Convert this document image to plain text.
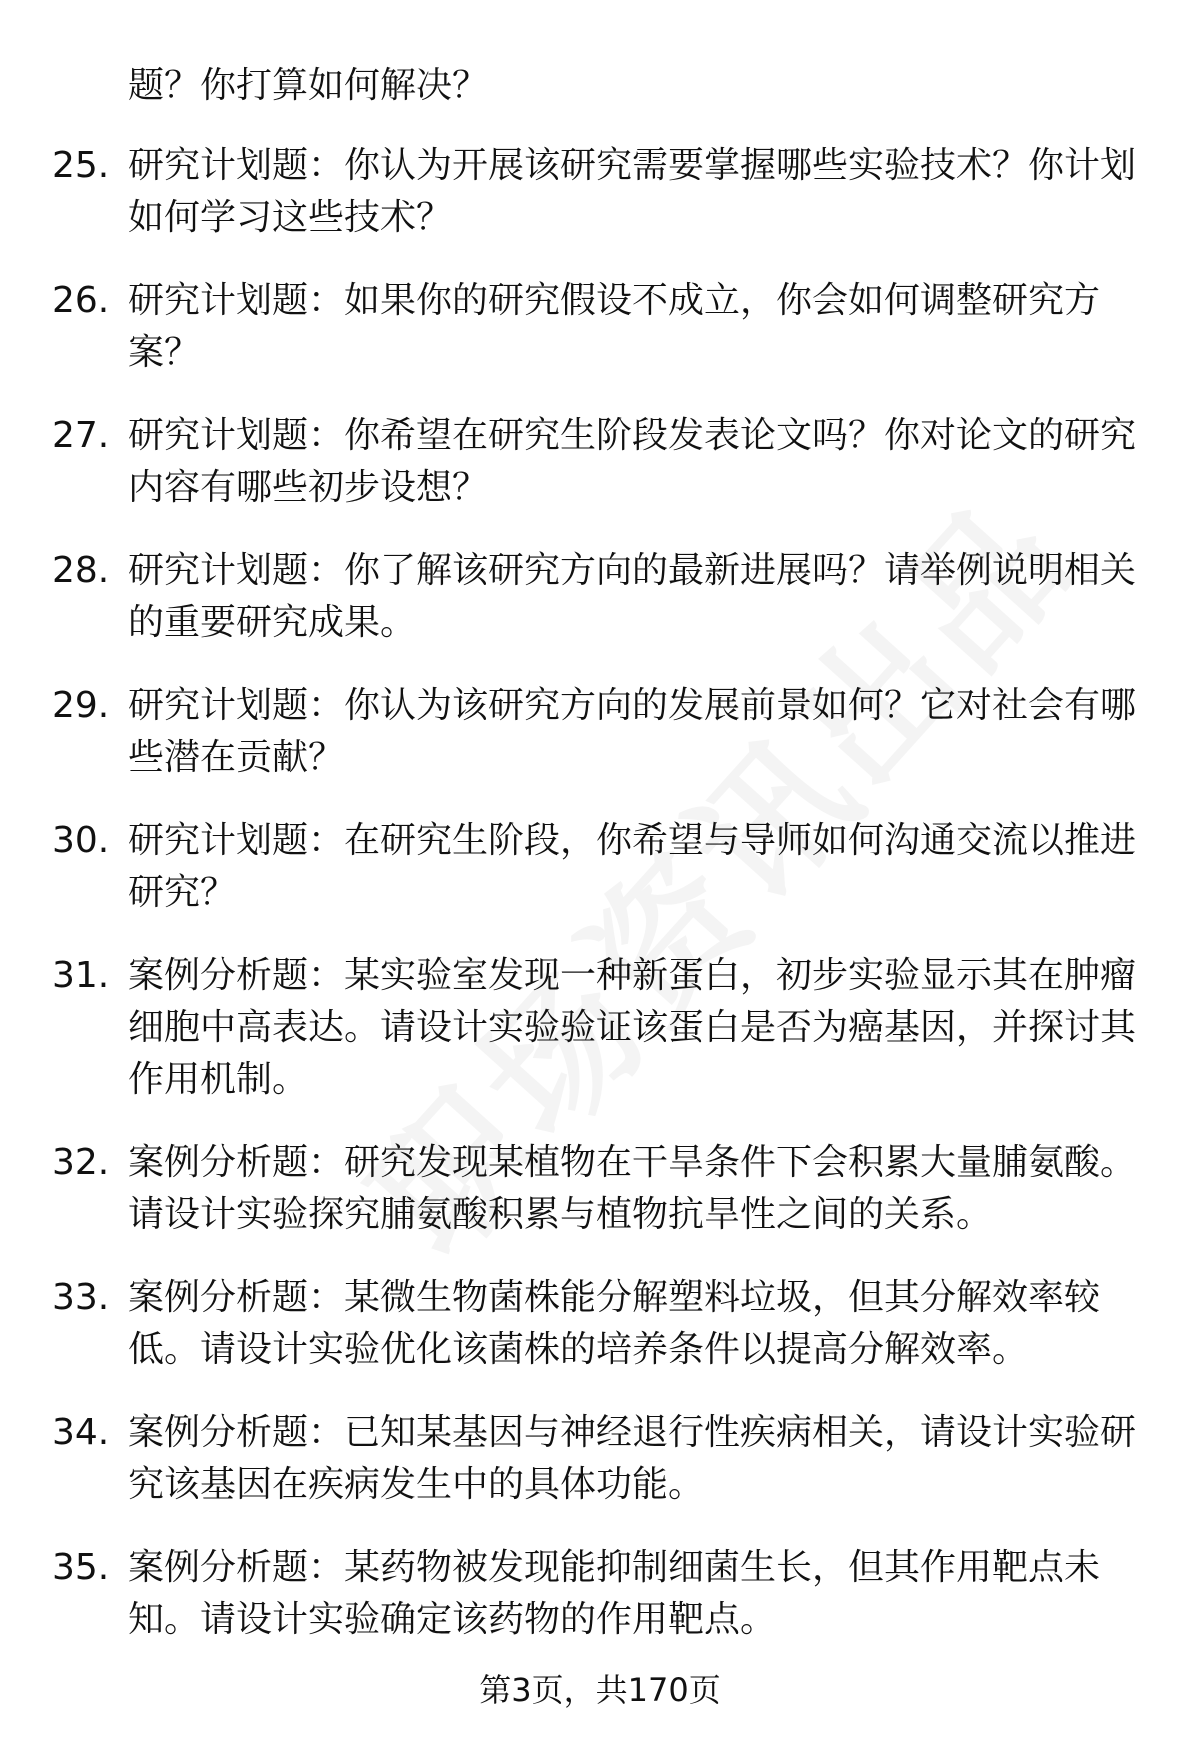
题？你打算如何解决？
25. 研究计划题：你认为开展该研究需要掌握哪些实验技术？你计划如何学习这些技术？
26. 研究计划题：如果你的研究假设不成立，你会如何调整研究方案？
27. 研究计划题：你希望在研究生阶段发表论文吗？你对论文的研究内容有哪些初步设想？
28. 研究计划题：你了解该研究方向的最新进展吗？请举例说明相关的重要研究成果。
29. 研究计划题：你认为该研究方向的发展前景如何？它对社会有哪些潜在贡献？
30. 研究计划题：在研究生阶段，你希望与导师如何沟通交流以推进研究？
31. 案例分析题：某实验室发现一种新蛋白，初步实验显示其在肿瘤细胞中高表达。请设计实验验证该蛋白是否为癌基因，并探讨其作用机制。
32. 案例分析题：研究发现某植物在干旱条件下会积累大量脯氨酸。请设计实验探究脯氨酸积累与植物抗旱性之间的关系。
33. 案例分析题：某微生物菌株能分解塑料垃圾，但其分解效率较低。请设计实验优化该菌株的培养条件以提高分解效率。
34. 案例分析题：已知某基因与神经退行性疾病相关，请设计实验研究该基因在疾病发生中的具体功能。
35. 案例分析题：某药物被发现能抑制细菌生长，但其作用靶点未知。请设计实验确定该药物的作用靶点。
第3页，共170页
